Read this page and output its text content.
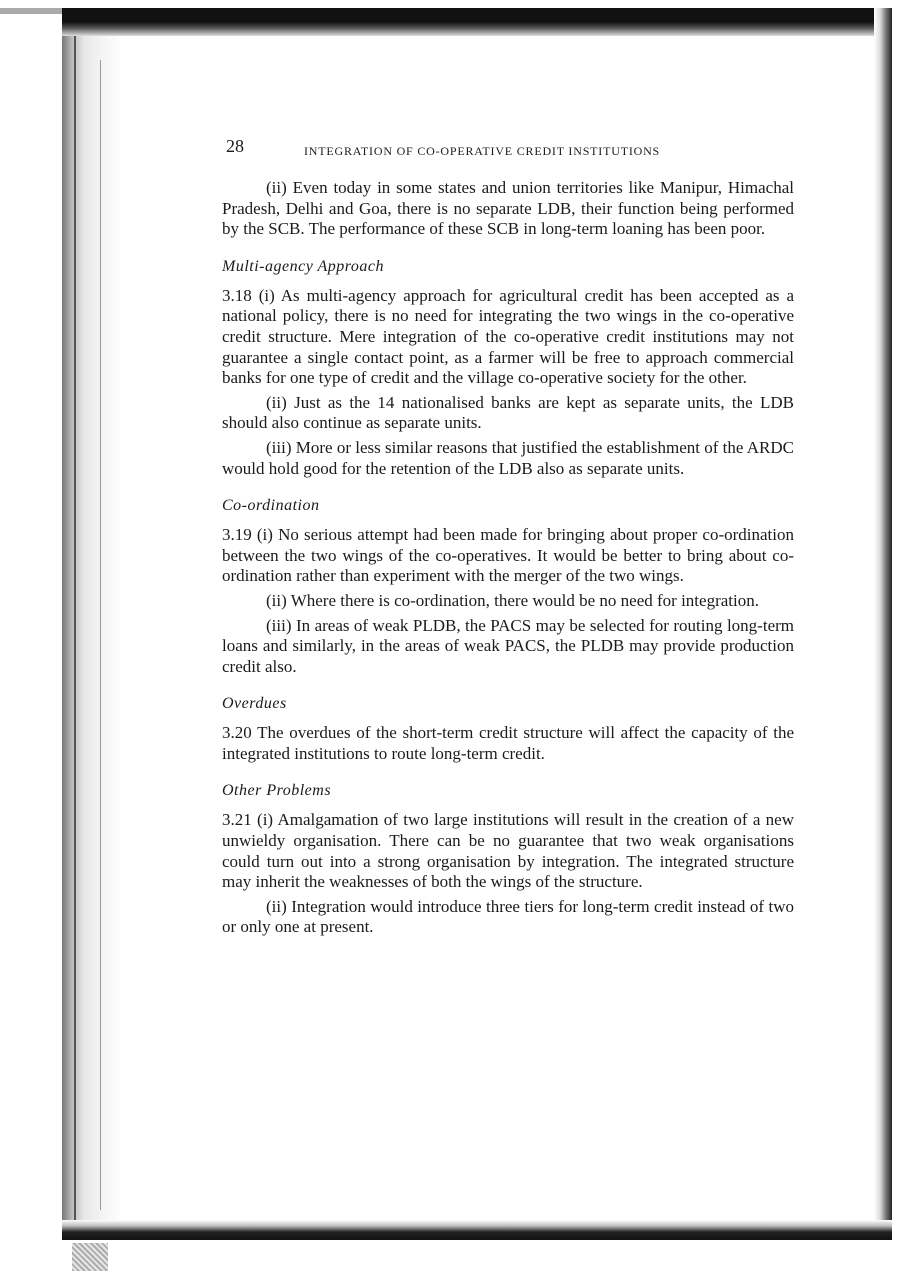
28	INTEGRATION OF CO-OPERATIVE CREDIT INSTITUTIONS

(ii) Even today in some states and union territories like Manipur, Himachal Pradesh, Delhi and Goa, there is no separate LDB, their function being performed by the SCB. The performance of these SCB in long-term loaning has been poor.

Multi-agency Approach

3.18 (i) As multi-agency approach for agricultural credit has been accepted as a national policy, there is no need for integrating the two wings in the co-operative credit structure. Mere integration of the co-operative credit institutions may not guarantee a single contact point, as a farmer will be free to approach commercial banks for one type of credit and the village co-operative society for the other.

(ii) Just as the 14 nationalised banks are kept as separate units, the LDB should also continue as separate units.

(iii) More or less similar reasons that justified the establishment of the ARDC would hold good for the retention of the LDB also as separate units.

Co-ordination

3.19 (i) No serious attempt had been made for bringing about proper co-ordination between the two wings of the co-operatives. It would be better to bring about co-ordination rather than experiment with the merger of the two wings.

(ii) Where there is co-ordination, there would be no need for integration.

(iii) In areas of weak PLDB, the PACS may be selected for routing long-term loans and similarly, in the areas of weak PACS, the PLDB may provide production credit also.

Overdues

3.20 The overdues of the short-term credit structure will affect the capacity of the integrated institutions to route long-term credit.

Other Problems

3.21 (i) Amalgamation of two large institutions will result in the creation of a new unwieldy organisation. There can be no guarantee that two weak organisations could turn out into a strong organisation by integration. The integrated structure may inherit the weaknesses of both the wings of the structure.

(ii) Integration would introduce three tiers for long-term credit instead of two or only one at present.
